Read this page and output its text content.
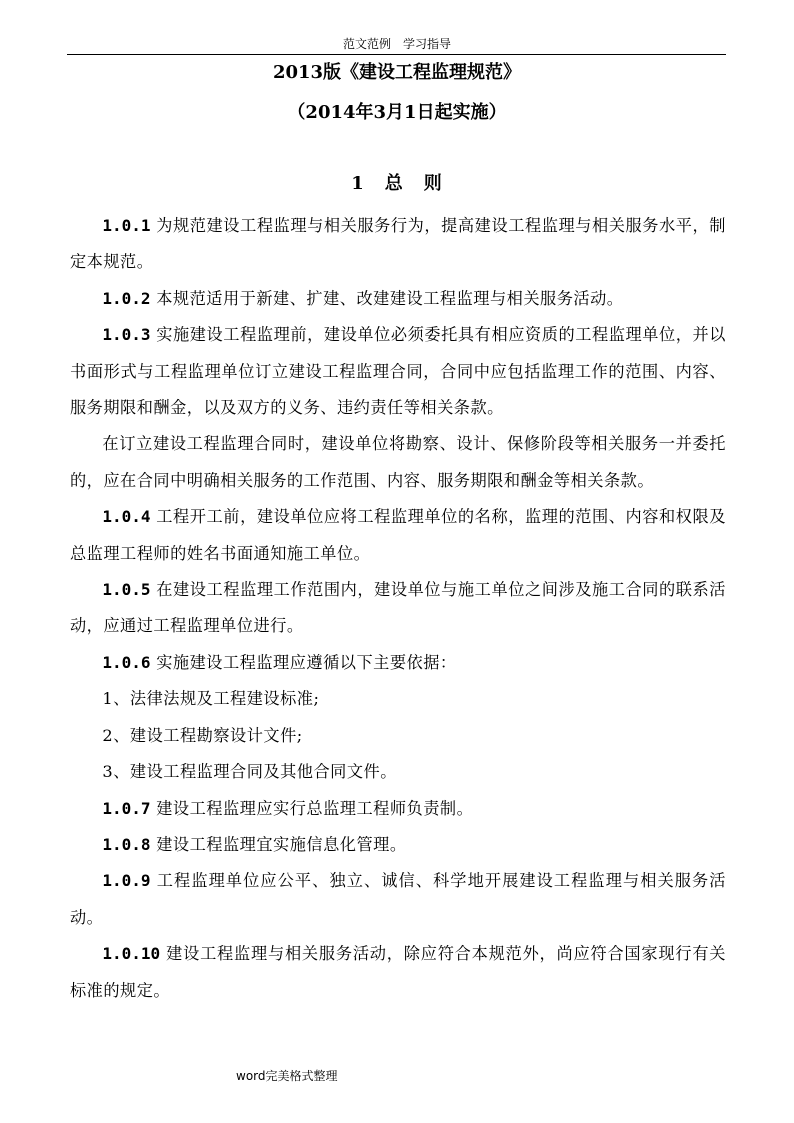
范文范例　学习指导
2013版《建设工程监理规范》
（2014年3月1日起实施）
1 总 则

1.0.1 为规范建设工程监理与相关服务行为，提高建设工程监理与相关服务水平，制定本规范。

1.0.2 本规范适用于新建、扩建、改建建设工程监理与相关服务活动。

1.0.3 实施建设工程监理前，建设单位必须委托具有相应资质的工程监理单位，并以书面形式与工程监理单位订立建设工程监理合同，合同中应包括监理工作的范围、内容、服务期限和酬金，以及双方的义务、违约责任等相关条款。

在订立建设工程监理合同时，建设单位将勘察、设计、保修阶段等相关服务一并委托的，应在合同中明确相关服务的工作范围、内容、服务期限和酬金等相关条款。

1.0.4 工程开工前，建设单位应将工程监理单位的名称，监理的范围、内容和权限及总监理工程师的姓名书面通知施工单位。

1.0.5 在建设工程监理工作范围内，建设单位与施工单位之间涉及施工合同的联系活动，应通过工程监理单位进行。

1.0.6 实施建设工程监理应遵循以下主要依据：

1、法律法规及工程建设标准;

2、建设工程勘察设计文件;

3、建设工程监理合同及其他合同文件。

1.0.7 建设工程监理应实行总监理工程师负责制。

1.0.8 建设工程监理宜实施信息化管理。

1.0.9 工程监理单位应公平、独立、诚信、科学地开展建设工程监理与相关服务活动。

1.0.10 建设工程监理与相关服务活动，除应符合本规范外，尚应符合国家现行有关标准的规定。

word完美格式整理
